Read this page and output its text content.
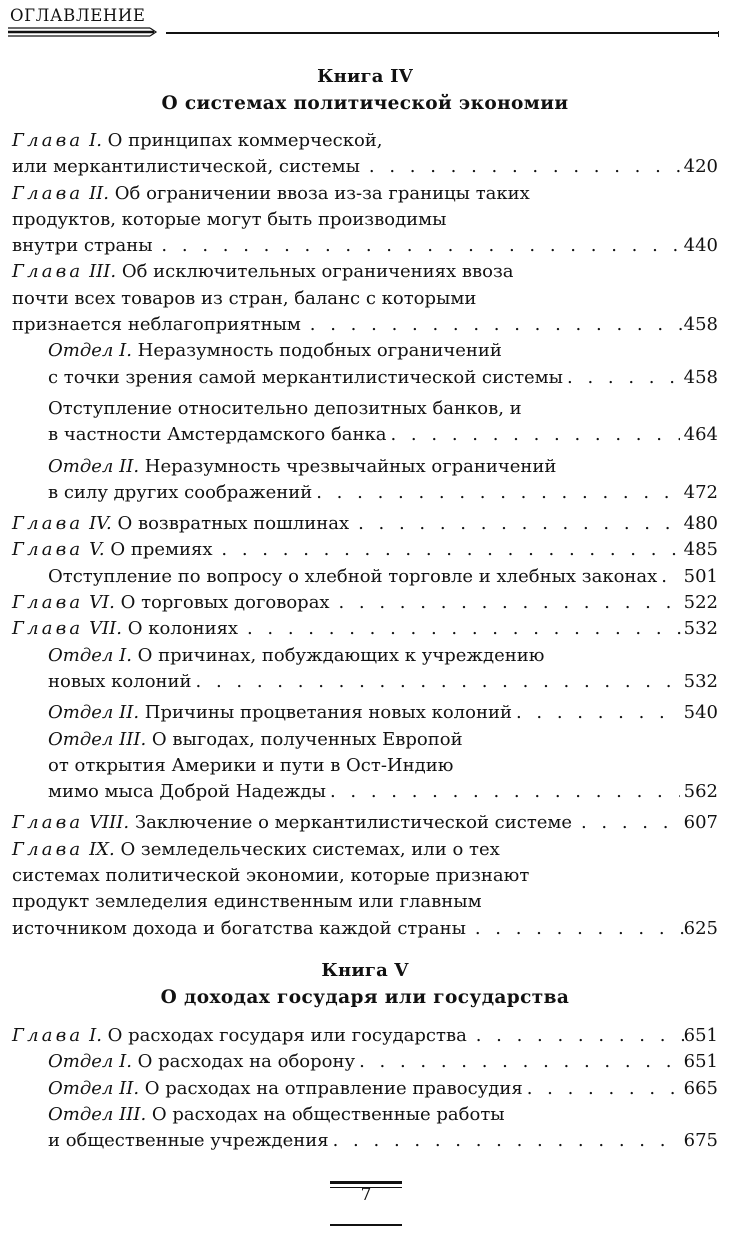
ОГЛАВЛЕНИЕ
Книга IV
О системах политической экономии
Глава I. О принципах коммерческой,
или меркантилистической, системы . . .	420
Глава II. Об ограничении ввоза из-за границы таких
продуктов, которые могут быть производимы
внутри страны . . .	440
Глава III. Об исключительных ограничениях ввоза
почти всех товаров из стран, баланс с которыми
признается неблагоприятным . . .	458
Отдел I. Неразумность подобных ограничений
с точки зрения самой меркантилистической системы . . .	458
Отступление относительно депозитных банков, и
в частности Амстердамского банка . . .	464
Отдел II. Неразумность чрезвычайных ограничений
в силу других соображений . . .	472
Глава IV. О возвратных пошлинах . . .	480
Глава V. О премиях . . .	485
Отступление по вопросу о хлебной торговле и хлебных законах . . . 501
Глава VI. О торговых договорах . . .	522
Глава VII. О колониях . . .	532
Отдел I. О причинах, побуждающих к учреждению
новых колоний . . .	532
Отдел II. Причины процветания новых колоний . . .	540
Отдел III. О выгодах, полученных Европой
от открытия Америки и пути в Ост-Индию
мимо мыса Доброй Надежды . . .	562
Глава VIII. Заключение о меркантилистической системе . . .	607
Глава IX. О земледельческих системах, или о тех
системах политической экономии, которые признают
продукт земледелия единственным или главным
источником дохода и богатства каждой страны . . .	625
Книга V
О доходах государя или государства
Глава I. О расходах государя или государства . . .	651
Отдел I. О расходах на оборону . . .	651
Отдел II. О расходах на отправление правосудия . . .	665
Отдел III. О расходах на общественные работы
и общественные учреждения . . .	675
7
